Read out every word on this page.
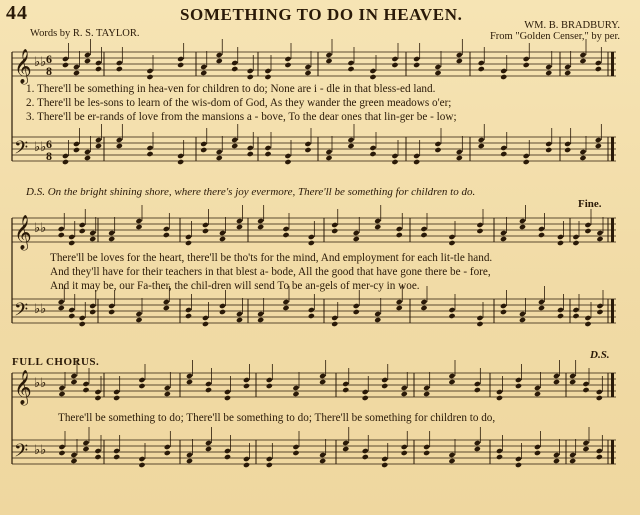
𝄞
𝄢
♭♭
♭♭
6
8
6
8
𝄞
𝄢
♭♭
♭♭
𝄞
𝄢
♭♭
♭♭
44	SOMETHING TO DO IN HEAVEN.
Words by R. S. TAYLOR.
WM. B. BRADBURY.
From "Golden Censer," by per.
1. There'll be something in hea-ven for children to do; None are i - dle in that bless-ed land.
2. There'll be les-sons to learn of the wis-dom of God, As they wander the green meadows o'er;
3. There'll be er-rands of love from the mansions a - bove, To the dear ones that lin-ger be - low;
D.S. On the bright shining shore, where there's joy evermore, There'll be something for children to do.
Fine.
There'll be loves for the heart, there'll be tho'ts for the mind, And employment for each lit-tle hand.
And they'll have for their teachers in that blest a- bode, All the good that have gone there be - fore,
And it may be, our Fa-ther, the chil-dren will send To be an-gels of mer-cy in woe.
FULL CHORUS.
D.S.
There'll be something to do; There'll be something to do; There'll be something for children to do,
